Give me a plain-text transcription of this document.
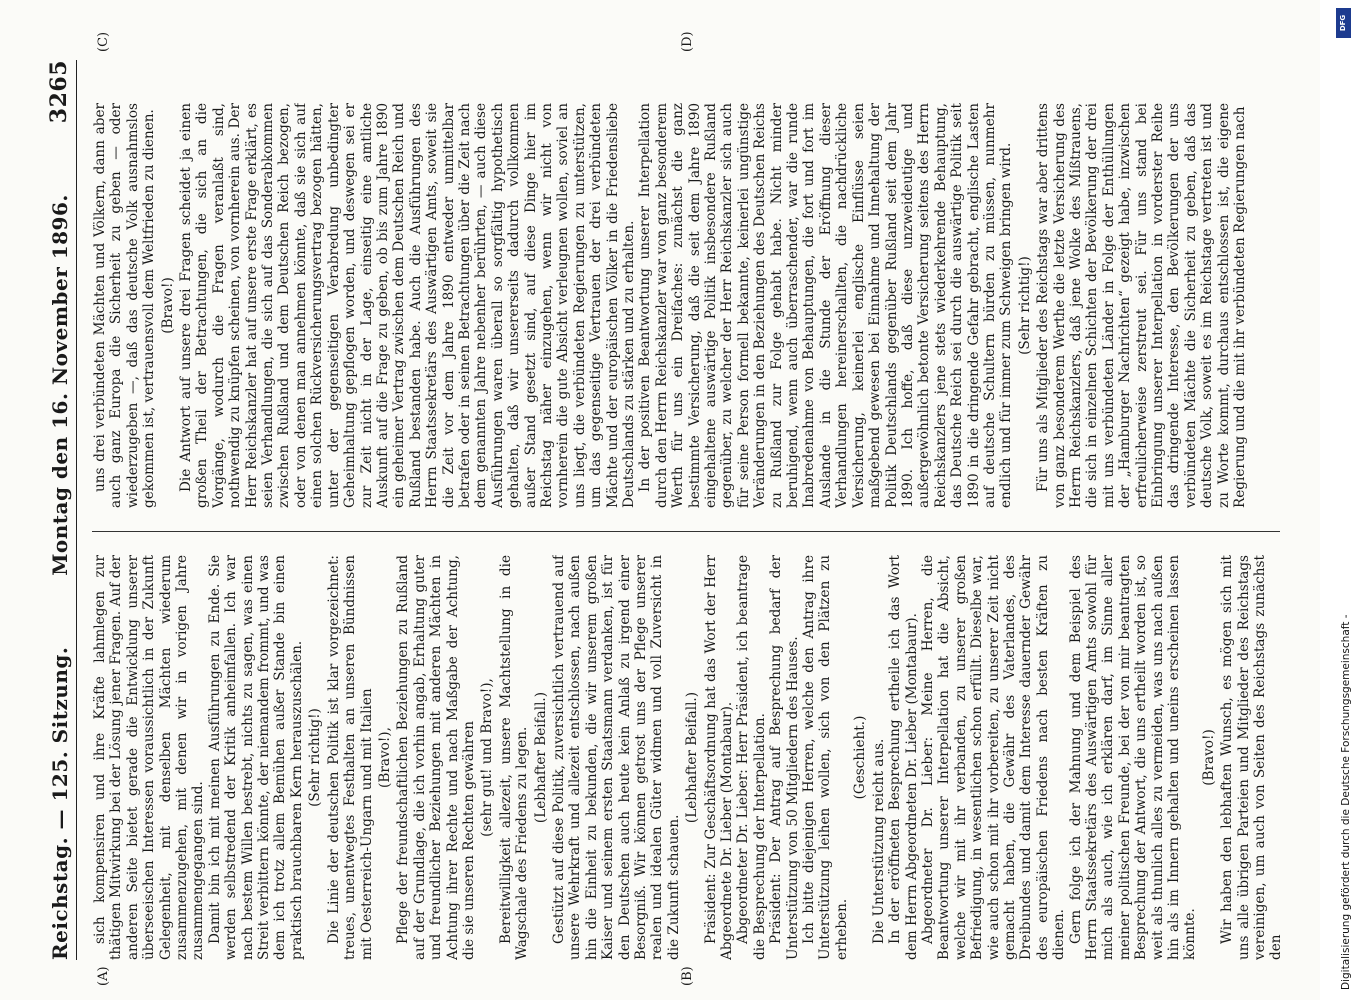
Reichstag. — 125. Sitzung.
Montag den 16. November 1896.
3265
(A)	(B)
(C)	(D)

sich kompensiren und ihre Kräfte lahmlegen zur thätigen Mitwirkung bei der Lösung jener Fragen. Auf der anderen Seite bietet gerade die Entwicklung unserer überseeischen Interessen voraussichtlich in der Zukunft Gelegenheit, mit denselben Mächten wiederum zusammenzugehen, mit denen wir in vorigen Jahre zusammengegangen sind. Damit bin ich mit meinen Ausführungen zu Ende. Sie werden selbstredend der Kritik anheimfallen. Ich war nach bestem Willen bestrebt, nichts zu sagen, was einen Streit verbittern könnte, der niemandem frommt, und was dem ich trotz allem Bemühen außer Stande bin einen praktisch brauchbaren Kern herauszuschälen. (Sehr richtig!) Die Linie der deutschen Politik ist klar vorgezeichnet: treues, unentwegtes Festhalten an unseren Bündnissen mit Oesterreich-Ungarn und mit Italien (Bravo!), Pflege der freundschaftlichen Beziehungen zu Rußland auf der Grundlage, die ich vorhin angab, Erhaltung guter und freundlicher Beziehungen mit anderen Mächten in Achtung ihrer Rechte und nach Maßgabe der Achtung, die sie unseren Rechten gewähren (sehr gut! und Bravo!), Bereitwilligkeit allezeit, unsere Machtstellung in die Wagschale des Friedens zu legen. (Lebhafter Beifall.) Gestützt auf diese Politik, zuversichtlich vertrauend auf unsere Wehrkraft und allezeit entschlossen, nach außen hin die Einheit zu bekunden, die wir unserem großen Kaiser und seinem ersten Staatsmann verdanken, ist für den Deutschen auch heute kein Anlaß zu irgend einer Besorgniß. Wir können getrost uns der Pflege unserer realen und idealen Güter widmen und voll Zuversicht in die Zukunft schauen.

(Lebhafter Beifall.) Präsident: Zur Geschäftsordnung hat das Wort der Herr Abgeordnete Dr. Lieber (Montabaur). Abgeordneter Dr. Lieber: Herr Präsident, ich beantrage die Besprechung der Interpellation. Präsident: Der Antrag auf Besprechung bedarf der Unterstützung von 50 Mitgliedern des Hauses. Ich bitte diejenigen Herren, welche den Antrag ihre Unterstützung leihen wollen, sich von den Plätzen zu erheben.

(Geschieht.) Die Unterstützung reicht aus. In der eröffneten Besprechung ertheile ich das Wort dem Herrn Abgeordneten Dr. Lieber (Montabaur). Abgeordneter Dr. Lieber: Meine Herren, die Beantwortung unserer Interpellation hat die Absicht, welche wir mit ihr verbanden, zu unserer großen Befriedigung, in wesentlichen schon erfüllt. Dieselbe war, wie auch schon mit ihr vorbereiten, zu unserer Zeit nicht gemacht haben, die Gewähr des Vaterlandes, des Dreibundes und damit dem Interesse dauernder Gewähr des europäischen Friedens nach besten Kräften zu dienen. Gern folge ich der Mahnung und dem Beispiel des Herrn Staatssekretärs des Auswärtigen Amts sowohl für mich als auch, wie ich erklären darf, im Sinne aller meiner politischen Freunde, bei der von mir beantragten Besprechung der Antwort, die uns ertheilt worden ist, so weit als thunlich alles zu vermeiden, was uns nach außen hin als im Innern gehalten und uneins erscheinen lassen könnte.

(Bravo!) Wir haben den lebhaften Wunsch, es mögen sich mit uns alle übrigen Parteien und Mitglieder des Reichstags vereinigen, um auch von Seiten des Reichstags zunächst den

uns drei verbündeten Mächten und Völkern, dann aber auch ganz Europa die Sicherheit zu geben — oder wiederzugeben —, daß das deutsche Volk ausnahmslos gekommen ist, vertrauensvoll dem Weltfrieden zu dienen. (Bravo!) Die Antwort auf unsere drei Fragen scheidet ja einen großen Theil der Betrachtungen, die sich an die Vorgänge, wodurch die Fragen veranlaßt sind, nothwendig zu knüpfen scheinen, von vornherein aus. Der Herr Reichskanzler hat auf unsere erste Frage erklärt, es seien Verhandlungen, die sich auf das Sonderabkommen zwischen Rußland und dem Deutschen Reich bezogen, oder von denen man annehmen könnte, daß sie sich auf einen solchen Rückversicherungsvertrag bezogen hätten, unter der gegenseitigen Verabredung unbedingter Geheimhaltung gepflogen worden, und deswegen sei er zur Zeit nicht in der Lage, einseitig eine amtliche Auskunft auf die Frage zu geben, ob bis zum Jahre 1890 ein geheimer Vertrag zwischen dem Deutschen Reich und Rußland bestanden habe. Auch die Ausführungen des Herrn Staatssekretärs des Auswärtigen Amts, soweit sie die Zeit vor dem Jahre 1890 entweder unmittelbar betrafen oder in seinen Betrachtungen über die Zeit nach dem genannten Jahre nebenher berührten, — auch diese Ausführungen waren überall so sorgfältig hypothetisch gehalten, daß wir unsererseits dadurch vollkommen außer Stand gesetzt sind, auf diese Dinge hier im Reichstag näher einzugehen, wenn wir nicht von vornherein die gute Absicht verleugnen wollen, soviel an uns liegt, die verbündeten Regierungen zu unterstützen, um das gegenseitige Vertrauen der drei verbündeten Mächte und der europäischen Völker in die Friedensliebe Deutschlands zu stärken und zu erhalten. In der positiven Beantwortung unserer Interpellation durch den Herrn Reichskanzler war von ganz besonderem Werth für uns ein Dreifaches: zunächst die ganz bestimmte Versicherung, daß die seit dem Jahre 1890 eingehaltene auswärtige Politik insbesondere Rußland gegenüber, zu welcher der Herr Reichskanzler sich auch für seine Person formell bekannte, keinerlei ungünstige Veränderungen in den Beziehungen des Deutschen Reichs zu Rußland zur Folge gehabt habe. Nicht minder beruhigend, wenn auch überraschender, war die runde Inabredenahme von Behauptungen, die fort und fort im Auslande in die Stunde der Eröffnung dieser Verhandlungen hereinerschallten, die nachdrückliche Versicherung, keinerlei englische Einflüsse seien maßgebend gewesen bei Einnahme und Innehaltung der Politik Deutschlands gegenüber Rußland seit dem Jahr 1890. Ich hoffe, daß diese unzweideutige und außergewöhnlich betonte Versicherung seitens des Herrn Reichskanzlers jene stets wiederkehrende Behauptung, das Deutsche Reich sei durch die auswärtige Politik seit 1890 in die dringende Gefahr gebracht, englische Lasten auf deutsche Schultern bürden zu müssen, nunmehr endlich und für immer zum Schweigen bringen wird. (Sehr richtig!) Für uns als Mitglieder des Reichstags war aber drittens von ganz besonderem Werthe die letzte Versicherung des Herrn Reichskanzlers, daß jene Wolke des Mißtrauens, die sich in einzelnen Schichten der Bevölkerung der drei mit uns verbündeten Länder in Folge der Enthüllungen der „Hamburger Nachrichten“ gezeigt habe, inzwischen erfreulicherweise zerstreut sei. Für uns stand bei Einbringung unserer Interpellation in vorderster Reihe das dringende Interesse, den Bevölkerungen der uns verbündeten Mächte die Sicherheit zu geben, daß das deutsche Volk, soweit es im Reichstage vertreten ist und zu Worte kommt, durchaus entschlossen ist, die eigene Regierung und die mit ihr verbündeten Regierungen nach

DFG
Digitalisierung gefördert durch die Deutsche Forschungsgemeinschaft -
